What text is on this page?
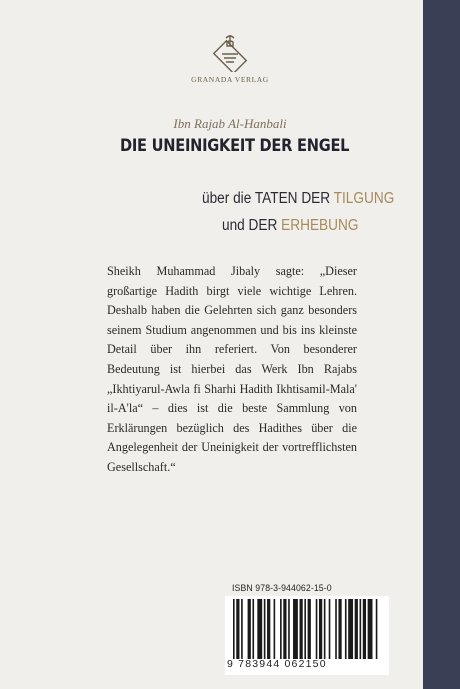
GRANADA VERLAG
Ibn Rajab Al-Hanbali
DIE UNEINIGKEIT DER ENGEL
über die TATEN DER TILGUNG
und DER ERHEBUNG

Sheikh Muhammad Jibaly sagte: „Dieser großartige Hadith birgt viele wichtige Lehren. Deshalb haben die Gelehrten sich ganz besonders seinem Studium angenommen und bis ins kleinste Detail über ihn referiert. Von besonderer Bedeutung ist hierbei das Werk Ibn Rajabs „Ikhtiyarul-Awla fi Sharhi Hadith Ikhtisamil-Mala' il-A'la“ – dies ist die beste Sammlung von Erklärungen bezüglich des Hadithes über die Angelegenheit der Uneinigkeit der vortrefflichsten Gesellschaft.“

ISBN 978-3-944062-15-0
9 783944 062150
